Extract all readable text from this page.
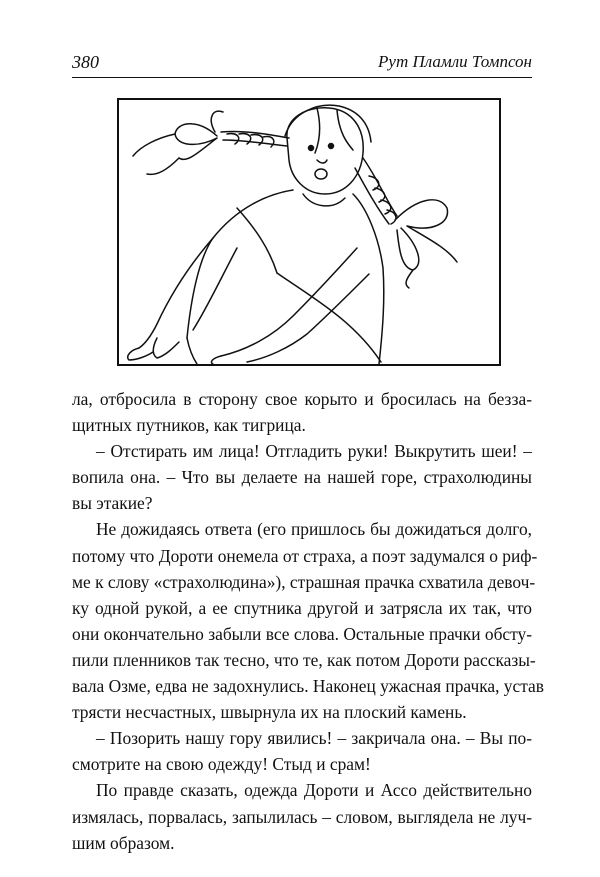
380	Рут Пламли Томпсон
ла, отбросила в сторону свое корыто и бросилась на безза-
щитных путников, как тигрица.
– Отстирать им лица! Отгладить руки! Выкрутить шеи! –
вопила она. – Что вы делаете на нашей горе, страхолюдины
вы этакие?
Не дожидаясь ответа (его пришлось бы дожидаться долго,
потому что Дороти онемела от страха, а поэт задумался о риф-
ме к слову «страхолюдина»), страшная прачка схватила девоч-
ку одной рукой, а ее спутника другой и затрясла их так, что
они окончательно забыли все слова. Остальные прачки обсту-
пили пленников так тесно, что те, как потом Дороти рассказы-
вала Озме, едва не задохнулись. Наконец ужасная прачка, устав
трясти несчастных, швырнула их на плоский камень.
– Позорить нашу гору явились! – закричала она. – Вы по-
смотрите на свою одежду! Стыд и срам!
По правде сказать, одежда Дороти и Ассо действительно
измялась, порвалась, запылилась – словом, выглядела не луч-
шим образом.
